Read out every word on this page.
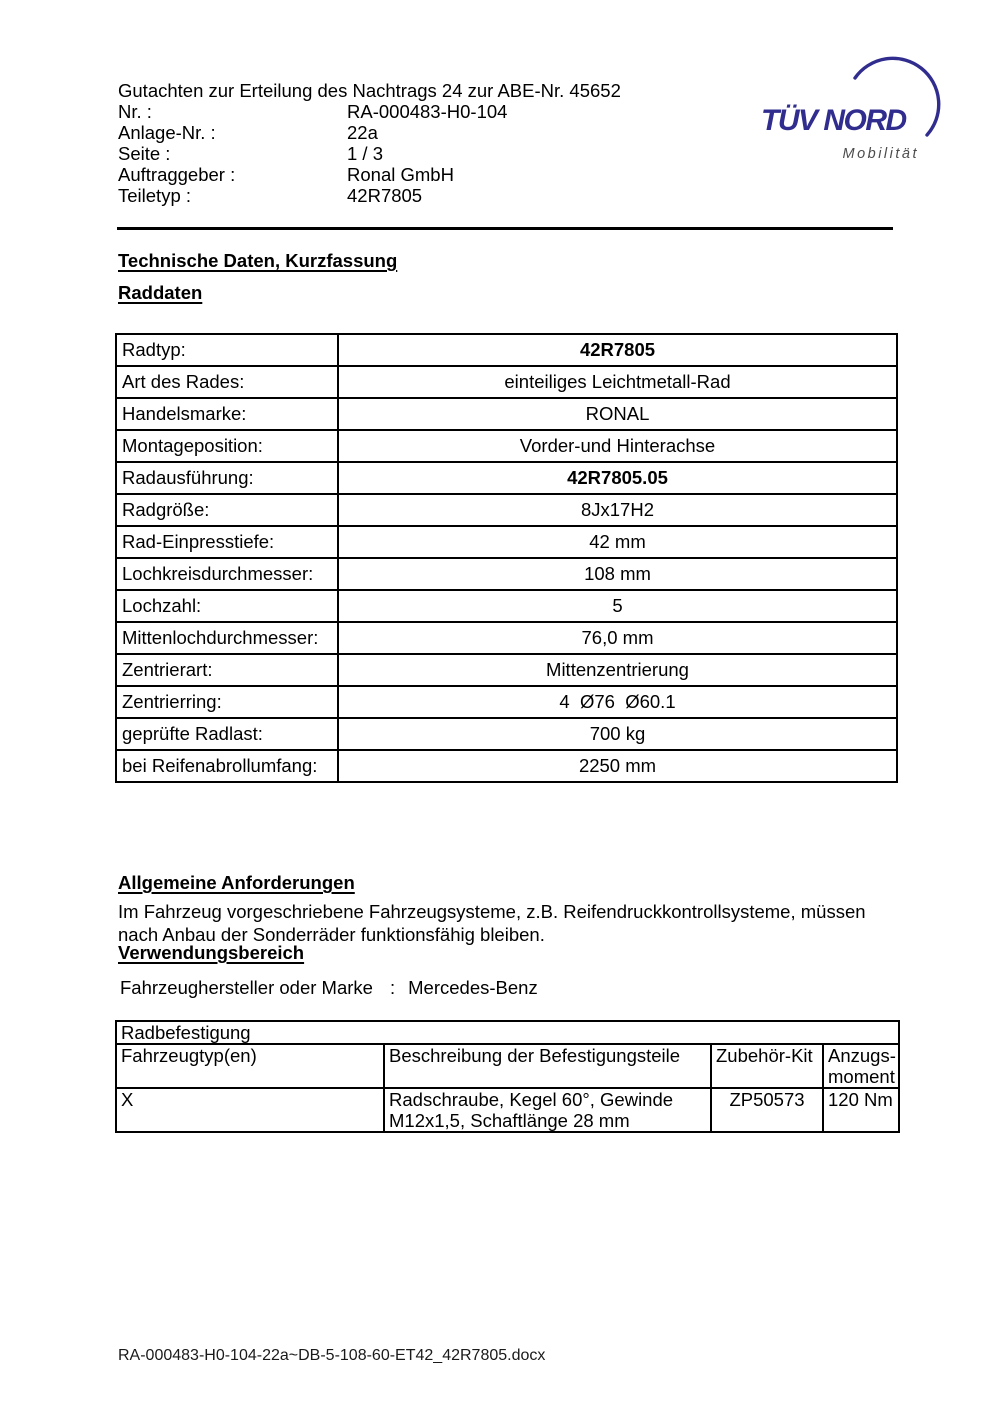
Gutachten zur Erteilung des Nachtrags 24 zur ABE-Nr. 45652
Nr. :	RA-000483-H0-104
Anlage-Nr. :	22a
Seite :	1 / 3
Auftraggeber :	Ronal GmbH
Teiletyp :	42R7805
TÜV NORD
Mobilität
Technische Daten, Kurzfassung
Raddaten
Radtyp:	42R7805
Art des Rades:	einteiliges Leichtmetall-Rad
Handelsmarke:	RONAL
Montageposition:	Vorder-und Hinterachse
Radausführung:	42R7805.05
Radgröße:	8Jx17H2
Rad-Einpresstiefe:	42 mm
Lochkreisdurchmesser:	108 mm
Lochzahl:	5
Mittenlochdurchmesser:	76,0 mm
Zentrierart:	Mittenzentrierung
Zentrierring:	4  Ø76  Ø60.1
geprüfte Radlast:	700 kg
bei Reifenabrollumfang:	2250 mm
Allgemeine Anforderungen
Im Fahrzeug vorgeschriebene Fahrzeugsysteme, z.B. Reifendruckkontrollsysteme, müssen nach Anbau der Sonderräder funktionsfähig bleiben.
Verwendungsbereich
Fahrzeughersteller oder Marke : Mercedes-Benz
Radbefestigung			
Fahrzeugtyp(en)	Beschreibung der Befestigungsteile	Zubehör-Kit	Anzugs-moment
X	Radschraube, Kegel 60°, Gewinde M12x1,5, Schaftlänge 28 mm	ZP50573	120 Nm
RA-000483-H0-104-22a~DB-5-108-60-ET42_42R7805.docx
